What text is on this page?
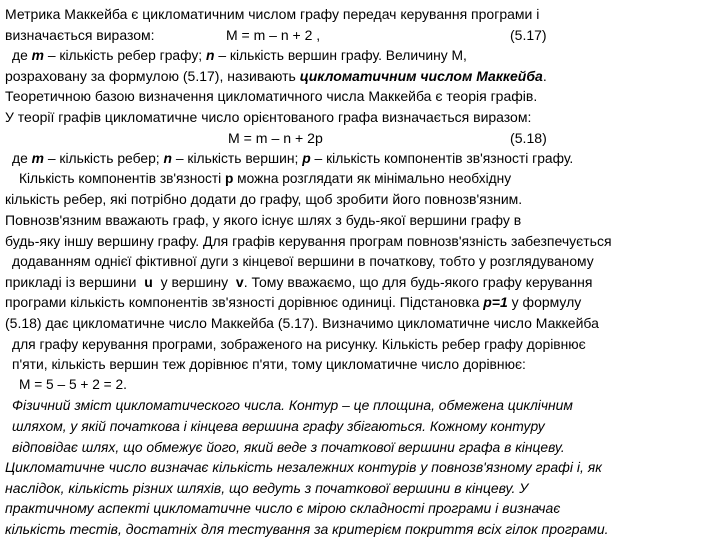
Метрика Маккейба є цикломатичним числом графу передач керування програми і
визначається виразом:	M = m – n + 2 ,	(5.17)
де m – кількість ребер графу; n – кількість вершин графу. Величину М,
розраховану за формулою (5.17), називають цикломатичним числом Маккейба.
Теоретичною базою визначення цикломатичного числа Маккейба є теорія графів.
У теорії графів цикломатичне число орієнтованого графа визначається виразом:
M = m – n + 2p	(5.18)
де m – кількість ребер; n – кількість вершин; p – кількість компонентів зв'язності графу.
Кількість компонентів зв'язності p можна розглядати як мінімально необхідну
кількість ребер, які потрібно додати до графу, щоб зробити його повнозв'язним.
Повнозв'язним вважають граф, у якого існує шлях з будь-якої вершини графу в
будь-яку іншу вершину графу. Для графів керування програм повнозв'язність забезпечується
додаванням однієї фіктивної дуги з кінцевої вершини в початкову, тобто у розглядуваному
прикладі із вершини u у вершину v. Тому вважаємо, що для будь-якого графу керування
програми кількість компонентів зв'язності дорівнює одиниці. Підстановка p=1 у формулу
(5.18) дає цикломатичне число Маккейба (5.17). Визначимо цикломатичне число Маккейба
для графу керування програми, зображеного на рисунку. Кількість ребер графу дорівнює
п'яти, кількість вершин теж дорівнює п'яти, тому цикломатичне число дорівнює:
M = 5 – 5 + 2 = 2.
Фізичний зміст цикломатического числа. Контур – це площина, обмежена циклічним
шляхом, у якій початкова і кінцева вершина графу збігаються. Кожному контуру
відповідає шлях, що обмежує його, який веде з початкової вершини графа в кінцеву.
Цикломатичне число визначає кількість незалежних контурів у повнозв'язному графі і, як
наслідок, кількість різних шляхів, що ведуть з початкової вершини в кінцеву. У
практичному аспекті цикломатичне число є мірою складності програми і визначає
кількість тестів, достатніх для тестування за критерієм покриття всіх гілок програми.
